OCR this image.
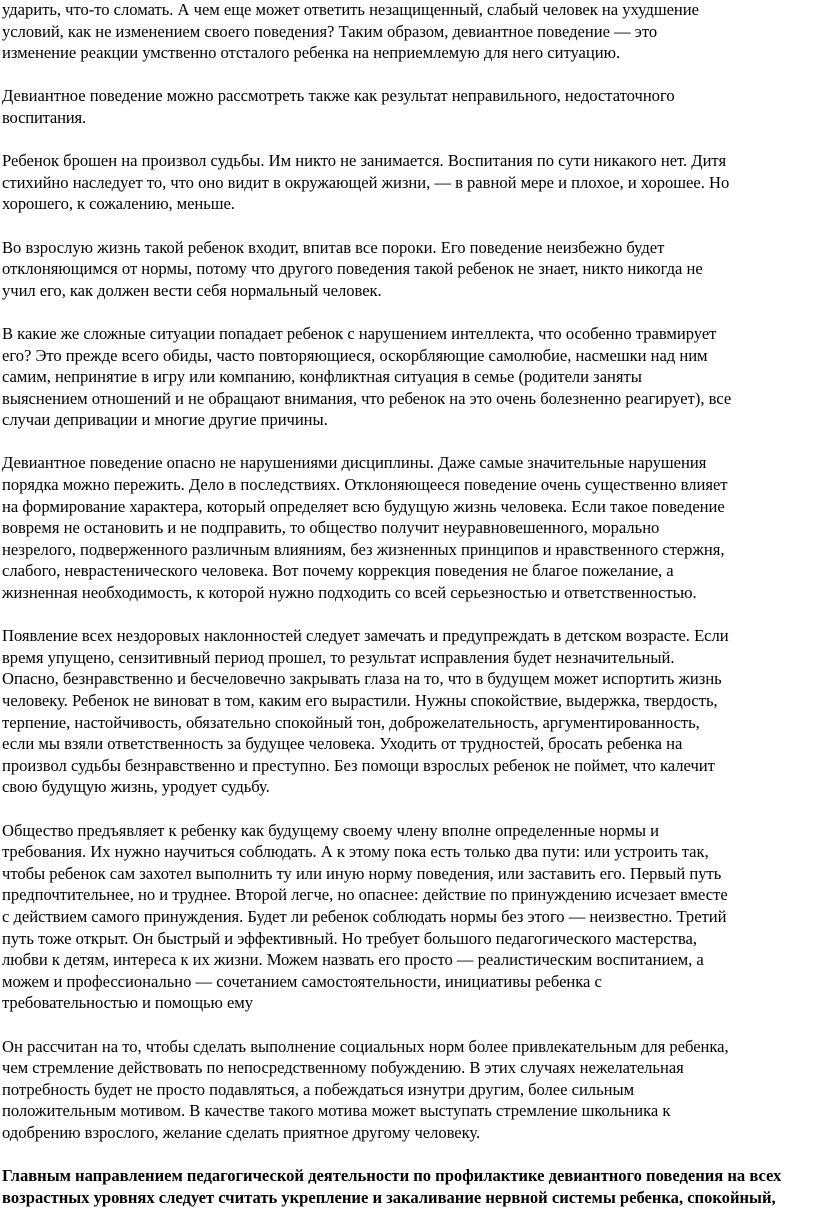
ударить, что-то сломать. А чем еще может ответить незащищенный, слабый человек на ухудшение
условий, как не изменением своего поведения? Таким образом, девиантное поведение — это
изменение реакции умственно отсталого ребенка на неприемлемую для него ситуацию.

Девиантное поведение можно рассмотреть также как результат неправильного, недостаточного
воспитания.

Ребенок брошен на произвол судьбы. Им никто не занимается. Воспитания по сути никакого нет. Дитя
стихийно наследует то, что оно видит в окружающей жизни, — в равной мере и плохое, и хорошее. Но
хорошего, к сожалению, меньше.

Во взрослую жизнь такой ребенок входит, впитав все пороки. Его поведение неизбежно будет
отклоняющимся от нормы, потому что другого поведения такой ребенок не знает, никто никогда не
учил его, как должен вести себя нормальный человек.

В какие же сложные ситуации попадает ребенок с нарушением интеллекта, что особенно травмирует
его? Это прежде всего обиды, часто повторяющиеся, оскорбляющие самолюбие, насмешки над ним
самим, непринятие в игру или компанию, конфликтная ситуация в семье (родители заняты
выяснением отношений и не обращают внимания, что ребенок на это очень болезненно реагирует), все
случаи депривации и многие другие причины.

Девиантное поведение опасно не нарушениями дисциплины. Даже самые значительные нарушения
порядка можно пережить. Дело в последствиях. Отклоняющееся поведение очень существенно влияет
на формирование характера, который определяет всю будущую жизнь человека. Если такое поведение
вовремя не остановить и не подправить, то общество получит неуравновешенного, морально
незрелого, подверженного различным влияниям, без жизненных принципов и нравственного стержня,
слабого, неврастенического человека. Вот почему коррекция поведения не благое пожелание, а
жизненная необходимость, к которой нужно подходить со всей серьезностью и ответственностью.

Появление всех нездоровых наклонностей следует замечать и предупреждать в детском возрасте. Если
время упущено, сензитивный период прошел, то результат исправления будет незначительный.
Опасно, безнравственно и бесчеловечно закрывать глаза на то, что в будущем может испортить жизнь
человеку. Ребенок не виноват в том, каким его вырастили. Нужны спокойствие, выдержка, твердость,
терпение, настойчивость, обязательно спокойный тон, доброжелательность, аргументированность,
если мы взяли ответственность за будущее человека. Уходить от трудностей, бросать ребенка на
произвол судьбы безнравственно и преступно. Без помощи взрослых ребенок не поймет, что калечит
свою будущую жизнь, уродует судьбу.

Общество предъявляет к ребенку как будущему своему члену вполне определенные нормы и
требования. Их нужно научиться соблюдать. А к этому пока есть только два пути: или устроить так,
чтобы ребенок сам захотел выполнить ту или иную норму поведения, или заставить его. Первый путь
предпочтительнее, но и труднее. Второй легче, но опаснее: действие по принуждению исчезает вместе
с действием самого принуждения. Будет ли ребенок соблюдать нормы без этого — неизвестно. Третий
путь тоже открыт. Он быстрый и эффективный. Но требует большого педагогического мастерства,
любви к детям, интереса к их жизни. Можем назвать его просто — реалистическим воспитанием, а
можем и профессионально — сочетанием самостоятельности, инициативы ребенка с
требовательностью и помощью ему

Он рассчитан на то, чтобы сделать выполнение социальных норм более привлекательным для ребенка,
чем стремление действовать по непосредственному побуждению. В этих случаях нежелательная
потребность будет не просто подавляться, а побеждаться изнутри другим, более сильным
положительным мотивом. В качестве такого мотива может выступать стремление школьника к
одобрению взрослого, желание сделать приятное другому человеку.

Главным направлением педагогической деятельности по профилактике девиантного поведения на всех
возрастных уровнях следует считать укрепление и закаливание нервной системы ребенка, спокойный,
